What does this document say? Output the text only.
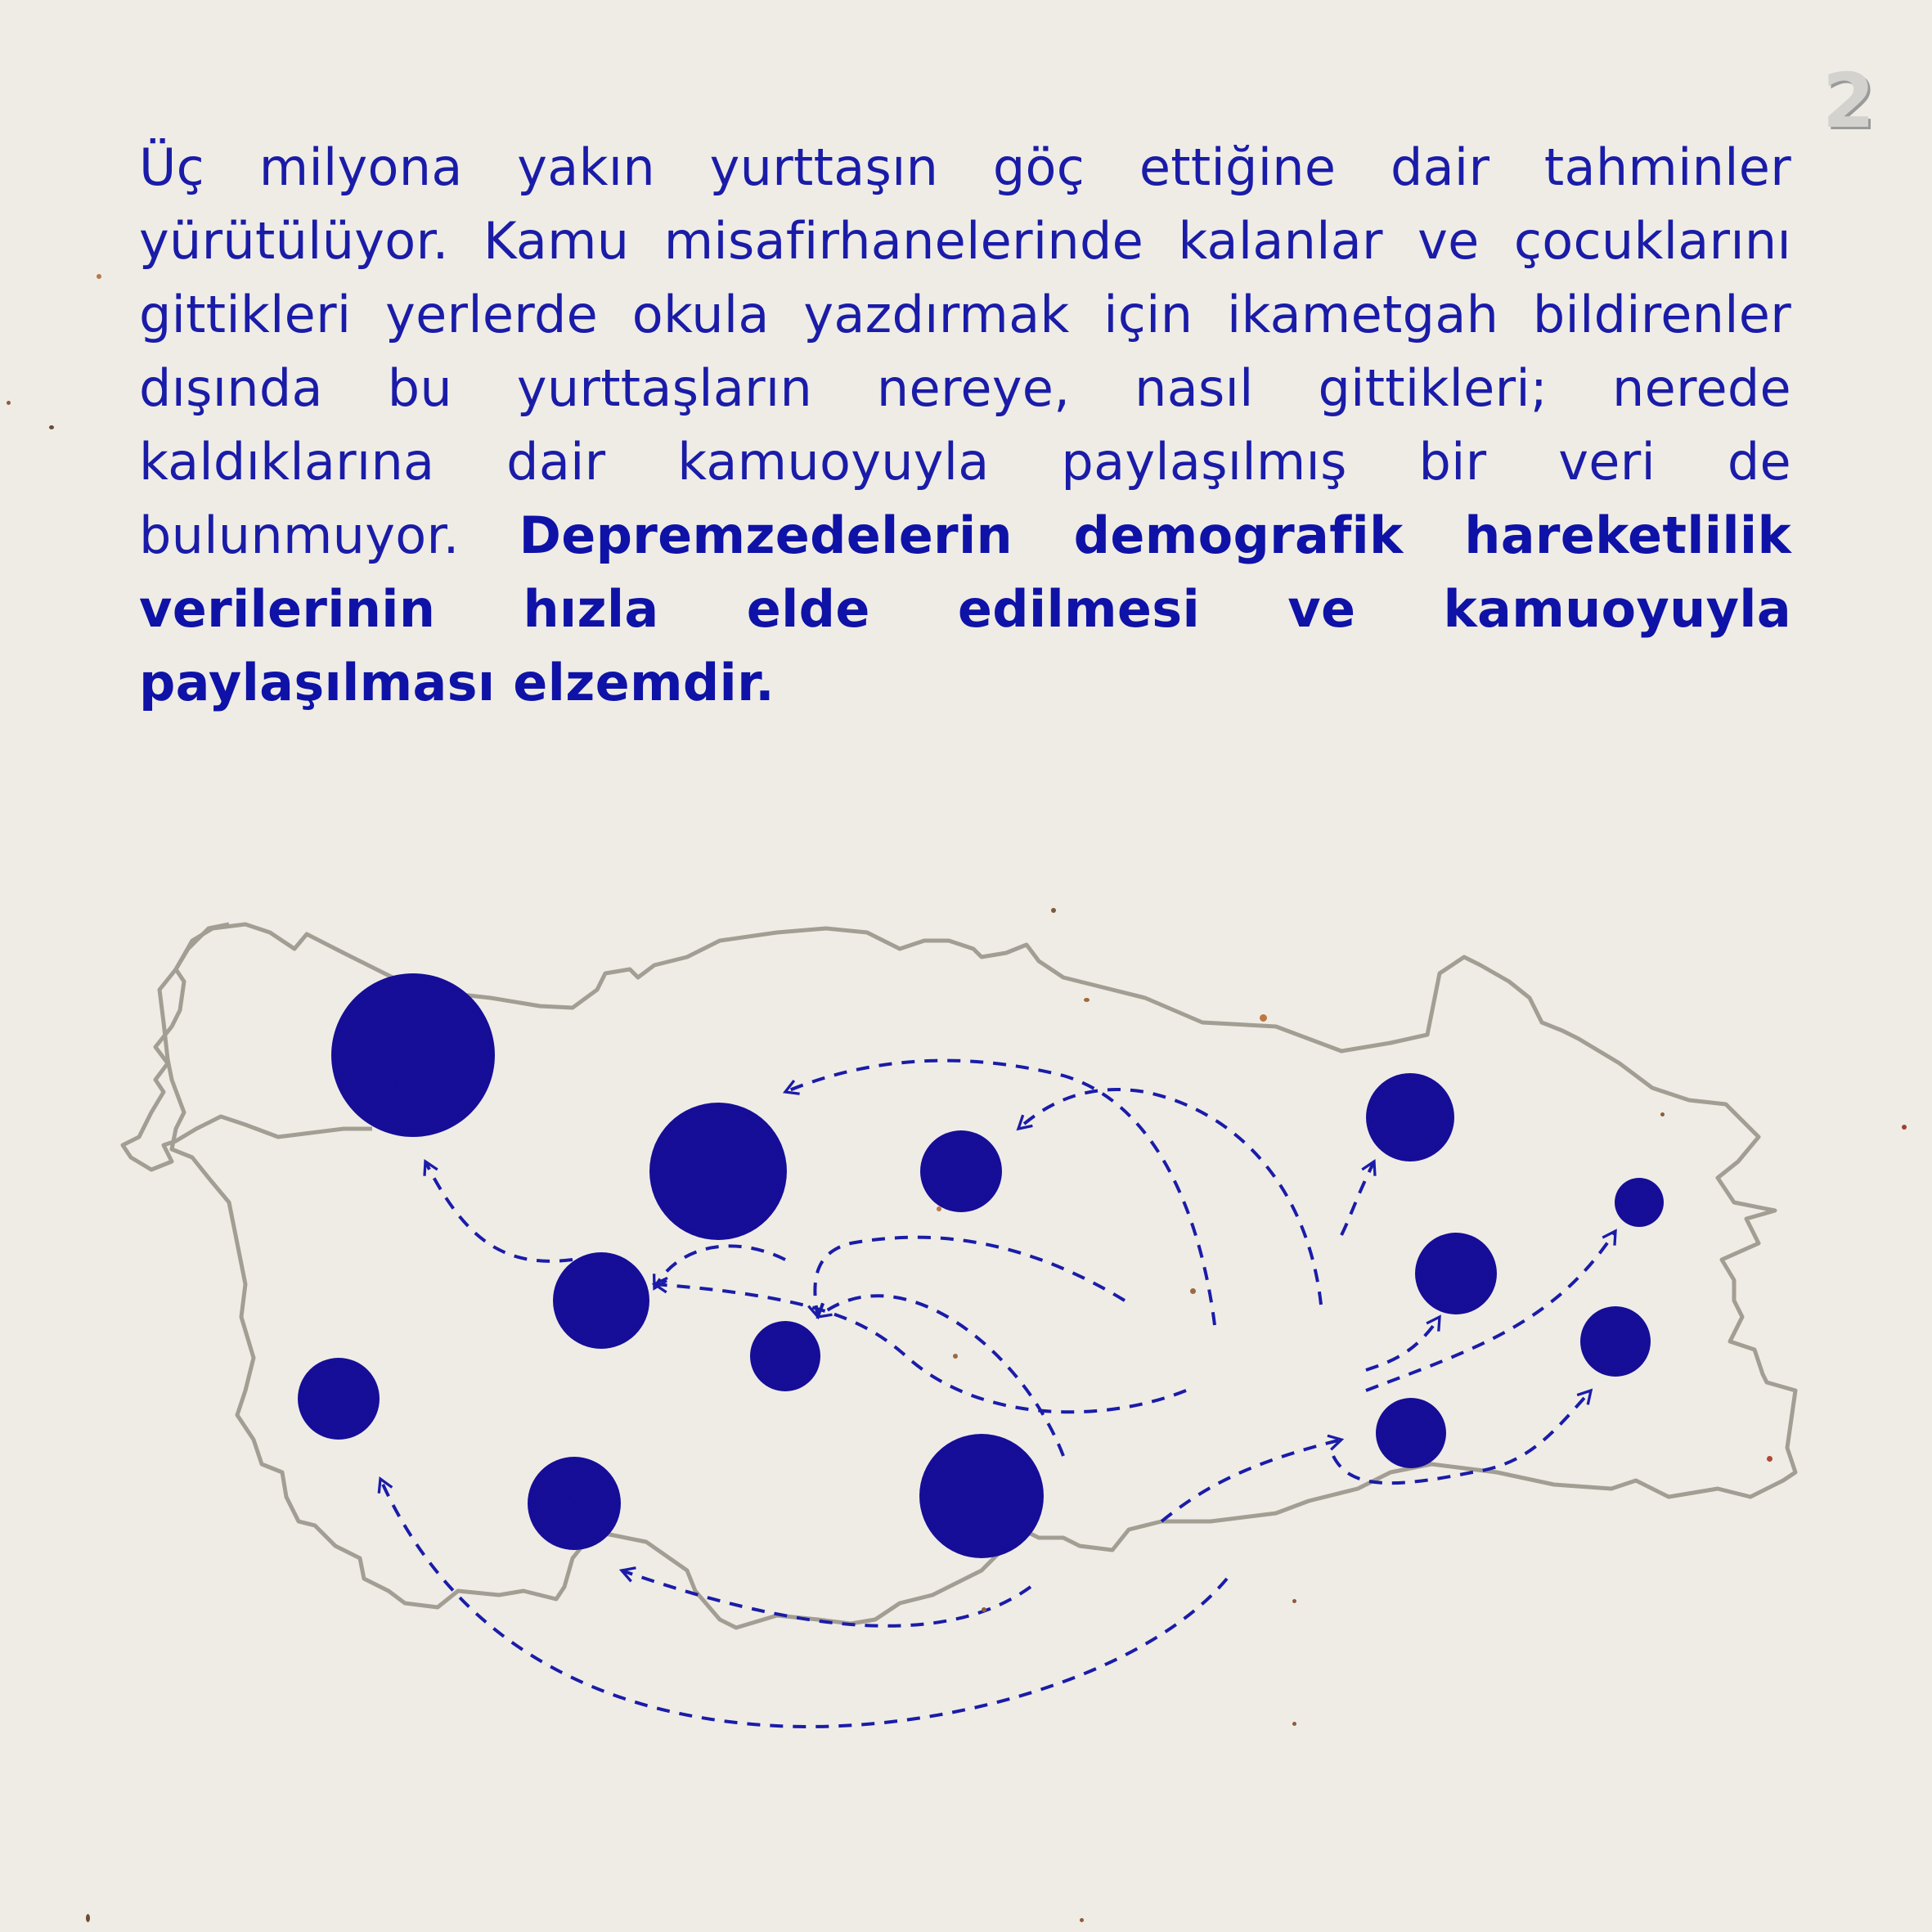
2

Üç milyona yakın yurttaşın göç ettiğine dair tahminler yürütülüyor. Kamu misafirhanelerinde kalanlar ve çocuklarını gittikleri yerlerde okula yazdırmak için ikametgah bildirenler dışında bu yurttaşların nereye, nasıl gittikleri; nerede kaldıklarına dair kamuoyuyla paylaşılmış bir veri de bulunmuyor. Depremzedelerin demografik hareketlilik verilerinin hızla elde edilmesi ve kamuoyuyla paylaşılması elzemdir.
